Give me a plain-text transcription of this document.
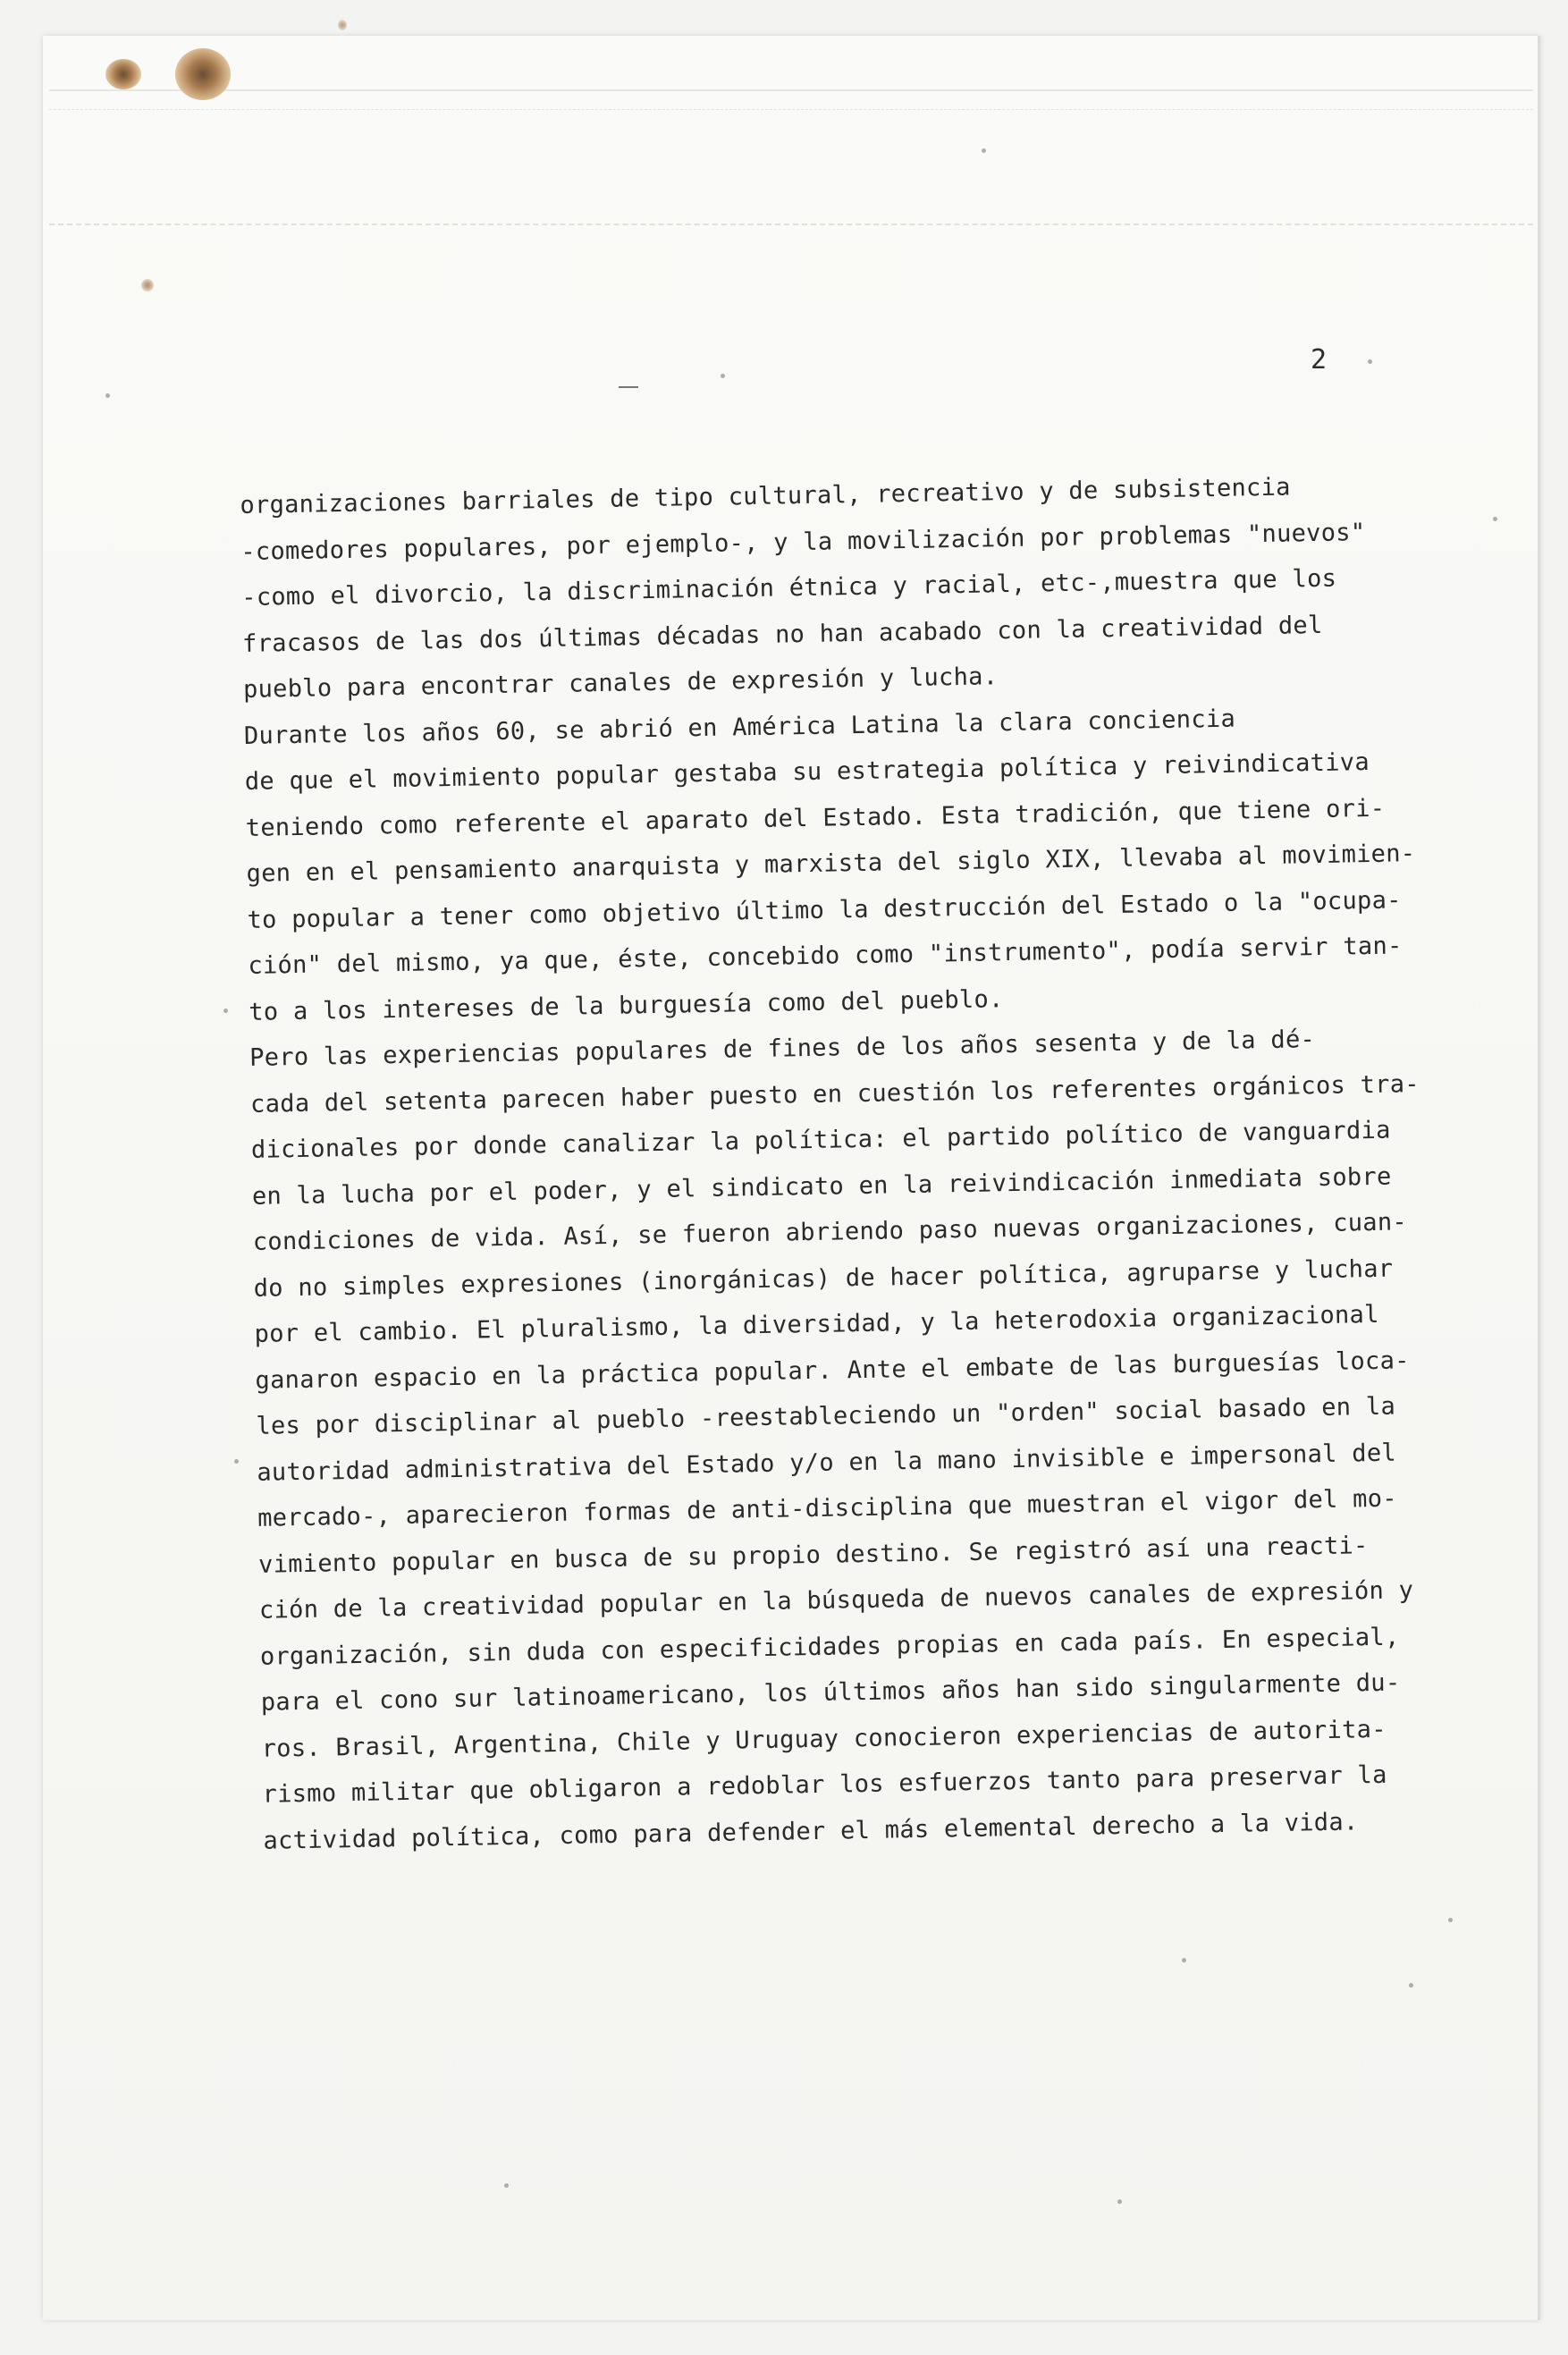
2
organizaciones barriales de tipo cultural, recreativo y de subsistencia
-comedores populares, por ejemplo-, y la movilización por problemas "nuevos"
-como el divorcio, la discriminación étnica y racial, etc-,muestra que los
fracasos de las dos últimas décadas no han acabado con la creatividad del
pueblo para encontrar canales de expresión y lucha.
Durante los años 60, se abrió en América Latina la clara conciencia
de que el movimiento popular gestaba su estrategia política y reivindicativa
teniendo como referente el aparato del Estado. Esta tradición, que tiene ori-
gen en el pensamiento anarquista y marxista del siglo XIX, llevaba al movimien-
to popular a tener como objetivo último la destrucción del Estado o la "ocupa-
ción" del mismo, ya que, éste, concebido como "instrumento", podía servir tan-
to a los intereses de la burguesía como del pueblo.
Pero las experiencias populares de fines de los años sesenta y de la dé-
cada del setenta parecen haber puesto en cuestión los referentes orgánicos tra-
dicionales por donde canalizar la política: el partido político de vanguardia
en la lucha por el poder, y el sindicato en la reivindicación inmediata sobre
condiciones de vida. Así, se fueron abriendo paso nuevas organizaciones, cuan-
do no simples expresiones (inorgánicas) de hacer política, agruparse y luchar
por el cambio. El pluralismo, la diversidad, y la heterodoxia organizacional
ganaron espacio en la práctica popular. Ante el embate de las burguesías loca-
les por disciplinar al pueblo -reestableciendo un "orden" social basado en la
autoridad administrativa del Estado y/o en la mano invisible e impersonal del
mercado-, aparecieron formas de anti-disciplina que muestran el vigor del mo-
vimiento popular en busca de su propio destino. Se registró así una reacti-
ción de la creatividad popular en la búsqueda de nuevos canales de expresión y
organización, sin duda con especificidades propias en cada país. En especial,
para el cono sur latinoamericano, los últimos años han sido singularmente du-
ros. Brasil, Argentina, Chile y Uruguay conocieron experiencias de autorita-
rismo militar que obligaron a redoblar los esfuerzos tanto para preservar la
actividad política, como para defender el más elemental derecho a la vida.
